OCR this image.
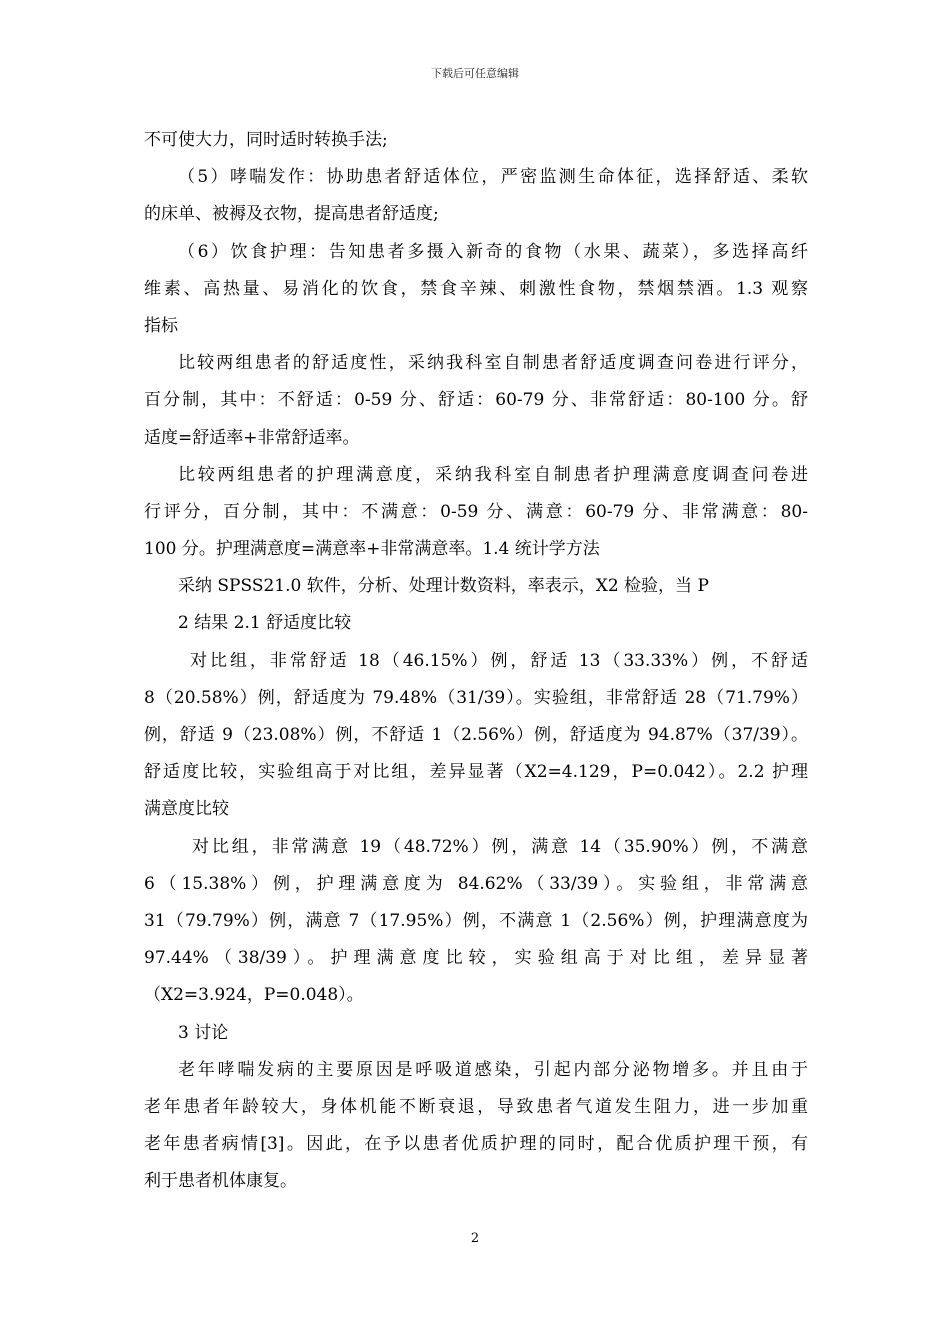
下载后可任意编辑
不可使大力，同时适时转换手法;
（5）哮喘发作：协助患者舒适体位，严密监测生命体征，选择舒适、柔软
的床单、被褥及衣物，提高患者舒适度;
（6）饮食护理：告知患者多摄入新奇的食物（水果、蔬菜），多选择高纤
维素、高热量、易消化的饮食，禁食辛辣、刺激性食物，禁烟禁酒。1.3 观察
指标
比较两组患者的舒适度性，采纳我科室自制患者舒适度调查问卷进行评分，
百分制，其中：不舒适：0-59 分、舒适：60-79 分、非常舒适：80-100 分。舒
适度=舒适率+非常舒适率。
比较两组患者的护理满意度，采纳我科室自制患者护理满意度调查问卷进
行评分，百分制，其中：不满意：0-59 分、满意：60-79 分、非常满意：80-
100 分。护理满意度=满意率+非常满意率。1.4 统计学方法
采纳 SPSS21.0 软件，分析、处理计数资料，率表示，X2 检验，当 P
2 结果 2.1 舒适度比较
对比组，非常舒适 18（46.15%）例，舒适 13（33.33%）例，不舒适
8（20.58%）例，舒适度为 79.48%（31/39）。实验组，非常舒适 28（71.79%）
例，舒适 9（23.08%）例，不舒适 1（2.56%）例，舒适度为 94.87%（37/39）。
舒适度比较，实验组高于对比组，差异显著（X2=4.129，P=0.042）。2.2 护理
满意度比较
对比组，非常满意 19（48.72%）例，满意 14（35.90%）例，不满意
6（15.38%）例，护理满意度为 84.62%（33/39）。实验组，非常满意
31（79.79%）例，满意 7（17.95%）例，不满意 1（2.56%）例，护理满意度为
97.44%（38/39）。护理满意度比较，实验组高于对比组，差异显著
（X2=3.924，P=0.048）。
3 讨论
老年哮喘发病的主要原因是呼吸道感染，引起内部分泌物增多。并且由于
老年患者年龄较大，身体机能不断衰退，导致患者气道发生阻力，进一步加重
老年患者病情[3]。因此，在予以患者优质护理的同时，配合优质护理干预，有
利于患者机体康复。
2
